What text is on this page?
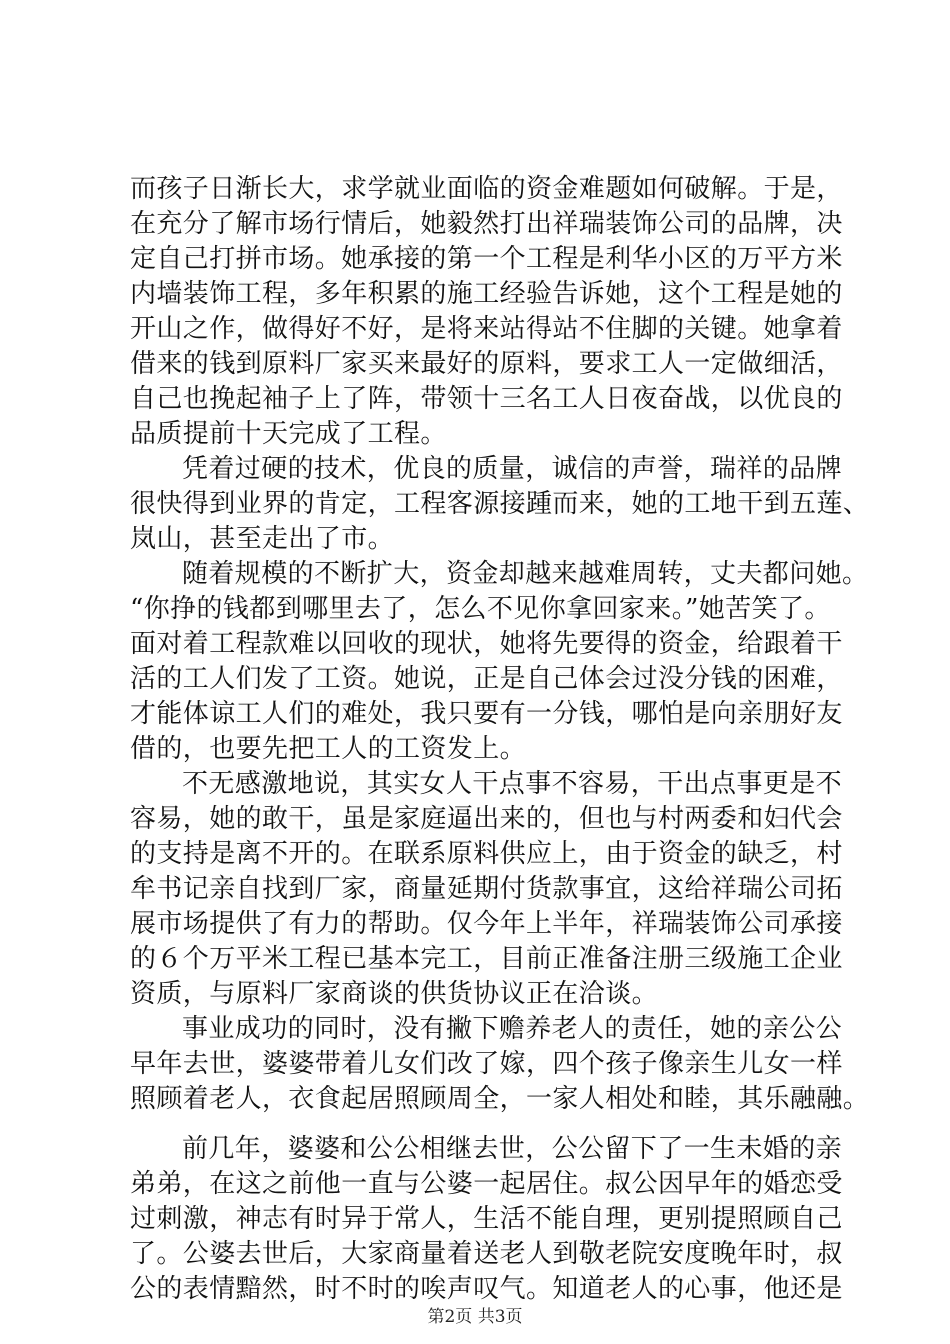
而孩子日渐长大，求学就业面临的资金难题如何破解。于是，
在充分了解市场行情后，她毅然打出祥瑞装饰公司的品牌，决
定自己打拼市场。她承接的第一个工程是利华小区的万平方米
内墙装饰工程，多年积累的施工经验告诉她，这个工程是她的
开山之作，做得好不好，是将来站得站不住脚的关键。她拿着
借来的钱到原料厂家买来最好的原料，要求工人一定做细活，
自己也挽起袖子上了阵，带领十三名工人日夜奋战，以优良的
品质提前十天完成了工程。
凭着过硬的技术，优良的质量，诚信的声誉，瑞祥的品牌
很快得到业界的肯定，工程客源接踵而来，她的工地干到五莲、
岚山，甚至走出了市。
随着规模的不断扩大，资金却越来越难周转，丈夫都问她。
“你挣的钱都到哪里去了，怎么不见你拿回家来。”她苦笑了。
面对着工程款难以回收的现状，她将先要得的资金，给跟着干
活的工人们发了工资。她说，正是自己体会过没分钱的困难，
才能体谅工人们的难处，我只要有一分钱，哪怕是向亲朋好友
借的，也要先把工人的工资发上。
不无感激地说，其实女人干点事不容易，干出点事更是不
容易，她的敢干，虽是家庭逼出来的，但也与村两委和妇代会
的支持是离不开的。在联系原料供应上，由于资金的缺乏，村
牟书记亲自找到厂家，商量延期付货款事宜，这给祥瑞公司拓
展市场提供了有力的帮助。仅今年上半年，祥瑞装饰公司承接
的６个万平米工程已基本完工，目前正准备注册三级施工企业
资质，与原料厂家商谈的供货协议正在洽谈。
事业成功的同时，没有撇下赡养老人的责任，她的亲公公
早年去世，婆婆带着儿女们改了嫁，四个孩子像亲生儿女一样
照顾着老人，衣食起居照顾周全，一家人相处和睦，其乐融融。
前几年，婆婆和公公相继去世，公公留下了一生未婚的亲
弟弟，在这之前他一直与公婆一起居住。叔公因早年的婚恋受
过刺激，神志有时异于常人，生活不能自理，更别提照顾自己
了。公婆去世后，大家商量着送老人到敬老院安度晚年时，叔
公的表情黯然，时不时的唉声叹气。知道老人的心事，他还是
第2页 共3页
